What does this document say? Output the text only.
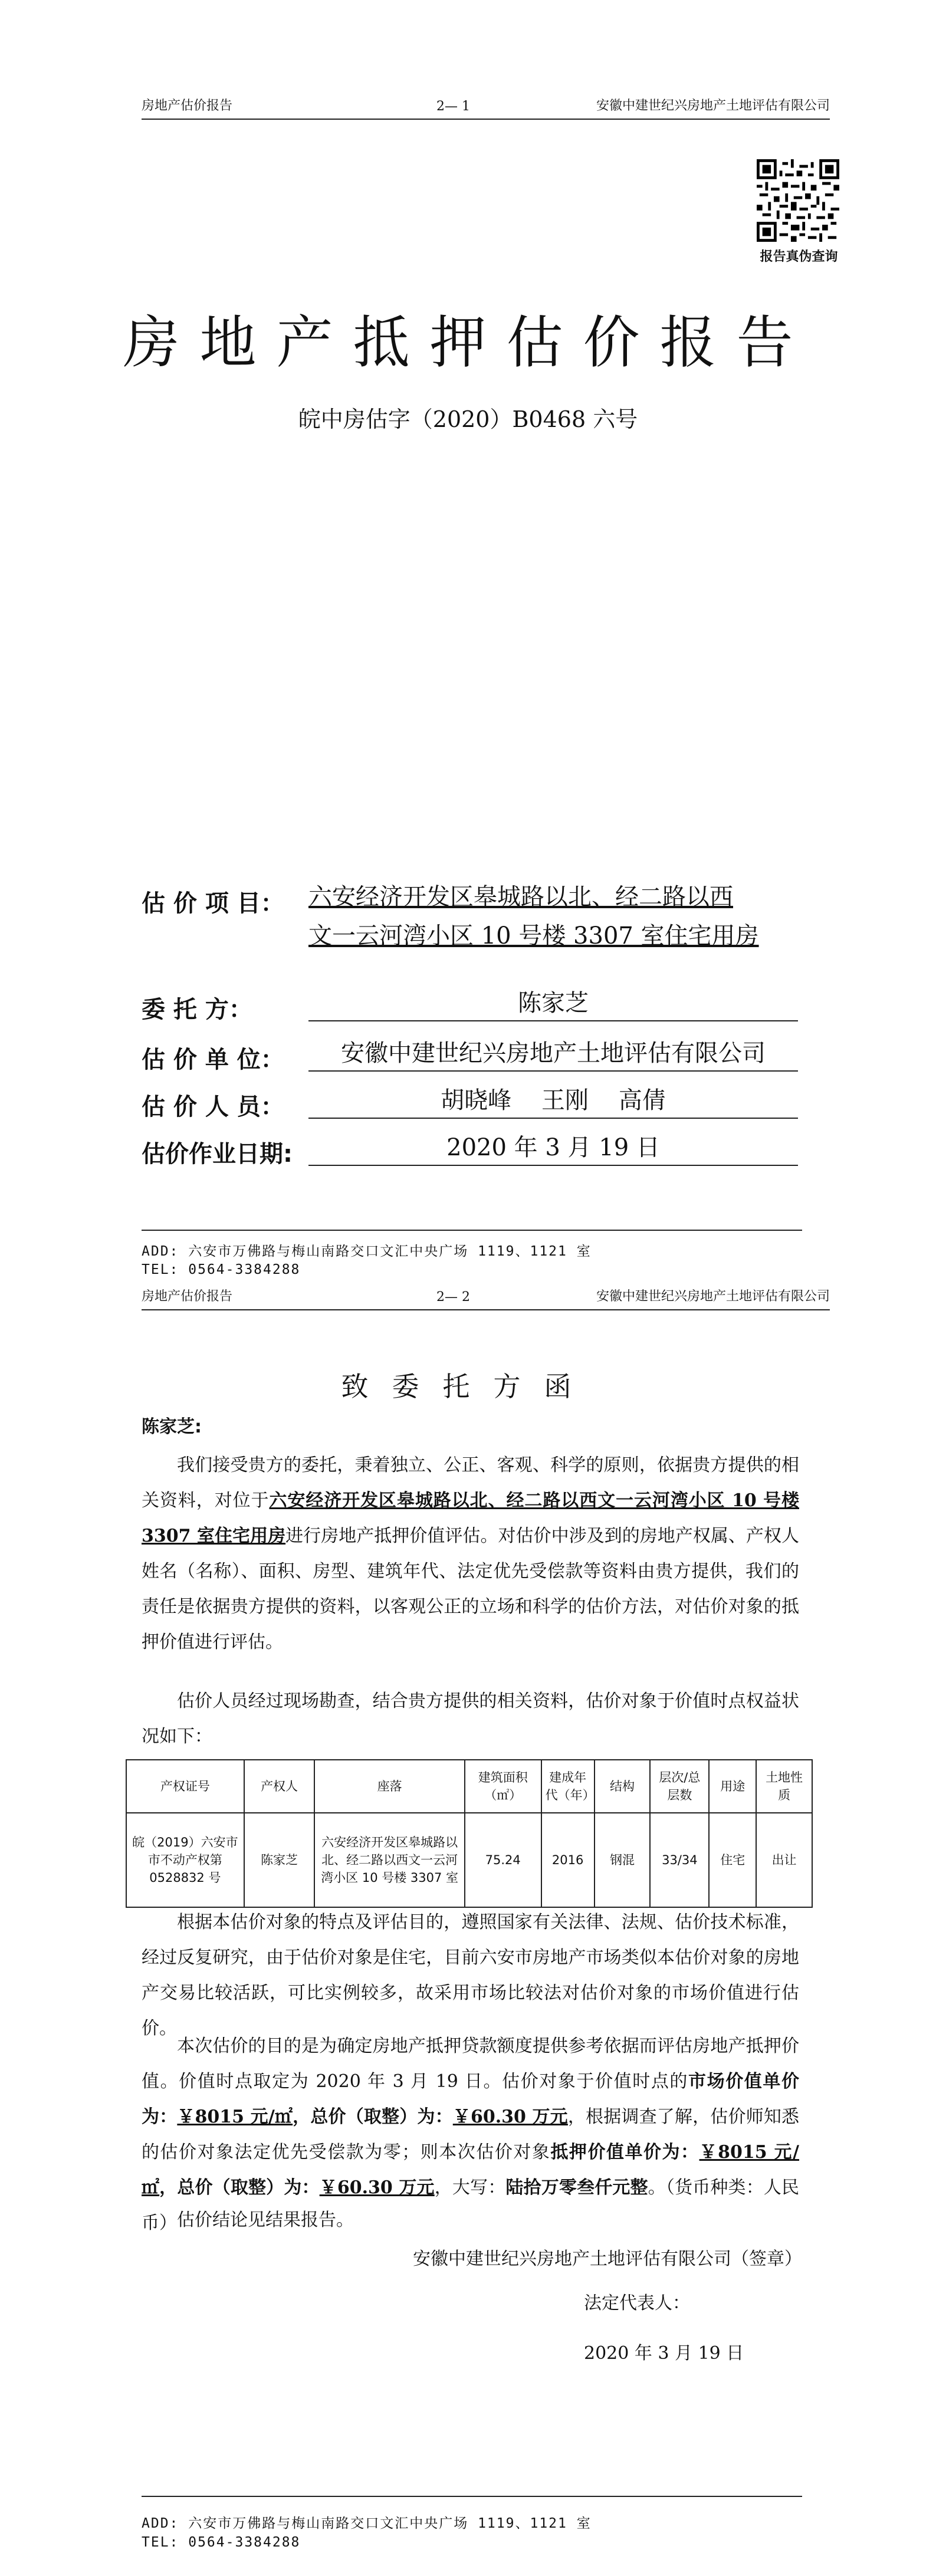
房地产估价报告	2— 1	安徽中建世纪兴房地产土地评估有限公司
报告真伪查询
房地产抵押估价报告
皖中房估字（2020）B0468 六号
估 价 项 目： 六安经济开发区皋城路以北、经二路以西
文一云河湾小区 10 号楼 3307 室住宅用房
委 托 方：	陈家芝
估 价 单 位：	安徽中建世纪兴房地产土地评估有限公司
估 价 人 员：	胡晓峰    王刚    高倩
估价作业日期:	2020 年 3 月 19 日
ADD: 六安市万佛路与梅山南路交口文汇中央广场 1119、1121 室
TEL: 0564-3384288
房地产估价报告	2— 2	安徽中建世纪兴房地产土地评估有限公司
致委托方函
陈家芝:
我们接受贵方的委托，秉着独立、公正、客观、科学的原则，依据贵方提供的相关资料，对位于六安经济开发区皋城路以北、经二路以西文一云河湾小区 10 号楼 3307 室住宅用房进行房地产抵押价值评估。对估价中涉及到的房地产权属、产权人姓名（名称）、面积、房型、建筑年代、法定优先受偿款等资料由贵方提供，我们的责任是依据贵方提供的资料，以客观公正的立场和科学的估价方法，对估价对象的抵押价值进行评估。
估价人员经过现场勘查，结合贵方提供的相关资料，估价对象于价值时点权益状况如下：
产权证号	产权人	座落	建筑面积（㎡）	建成年代（年）	结构	层次/总层数	用途	土地性质
皖（2019）六安市市不动产权第 0528832 号	陈家芝	六安经济开发区皋城路以北、经二路以西文一云河湾小区 10 号楼 3307 室	75.24	2016	钢混	33/34	住宅	出让
根据本估价对象的特点及评估目的，遵照国家有关法律、法规、估价技术标准，经过反复研究，由于估价对象是住宅，目前六安市房地产市场类似本估价对象的房地产交易比较活跃，可比实例较多，故采用市场比较法对估价对象的市场价值进行估价。
本次估价的目的是为确定房地产抵押贷款额度提供参考依据而评估房地产抵押价值。价值时点取定为 2020 年 3 月 19 日。估价对象于价值时点的市场价值单价为：￥8015 元/㎡，总价（取整）为：￥60.30 万元，根据调查了解，估价师知悉的估价对象法定优先受偿款为零；则本次估价对象抵押价值单价为：￥8015 元/㎡，总价（取整）为：￥60.30 万元，大写：陆拾万零叁仟元整。（货币种类：人民币） 估价结论见结果报告。
安徽中建世纪兴房地产土地评估有限公司（签章）
法定代表人：
2020 年 3 月 19 日
ADD: 六安市万佛路与梅山南路交口文汇中央广场 1119、1121 室
TEL: 0564-3384288
